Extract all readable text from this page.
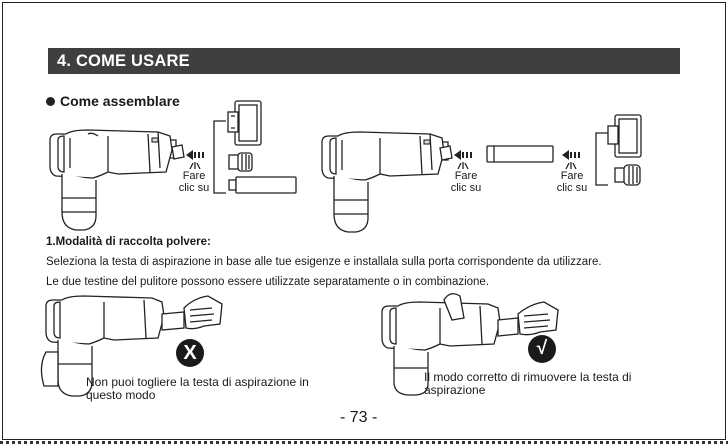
4. COME USARE
Come assemblare
Fare
clic su
Fare
clic su
Fare
clic su
1.Modalità di raccolta polvere:
Seleziona la testa di aspirazione in base alle tue esigenze e installala sulla porta corrispondente da utilizzare.
Le due testine del pulitore possono essere utilizzate separatamente o in combinazione.
X	√
Non puoi togliere la testa di aspirazione in
questo modo
Il modo corretto di rimuovere la testa di
aspirazione
- 73 -
